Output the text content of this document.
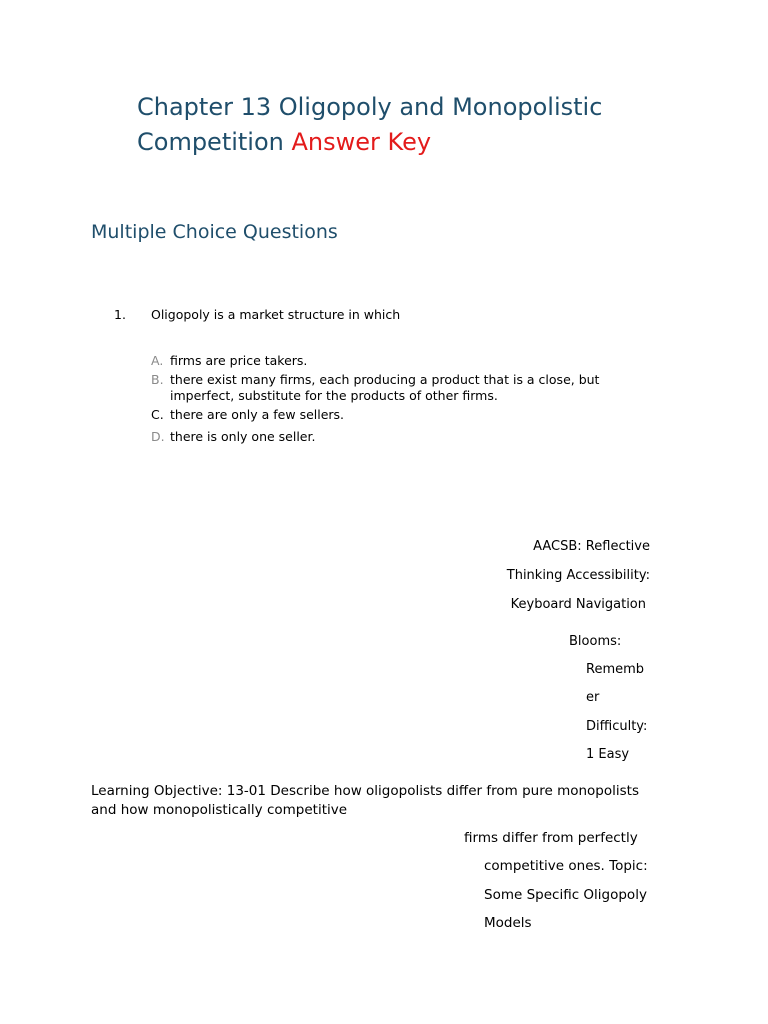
Chapter 13 Oligopoly and Monopolistic Competition Answer Key
Multiple Choice Questions
1. Oligopoly is a market structure in which
A. firms are price takers.
B. there exist many firms, each producing a product that is a close, but imperfect, substitute for the products of other firms.
C. there are only a few sellers.
D. there is only one seller.
AACSB: Reflective
Thinking Accessibility:
Keyboard Navigation
Blooms:
Rememb
er
Difficulty:
1 Easy
Learning Objective: 13-01 Describe how oligopolists differ from pure monopolists
and how monopolistically competitive
firms differ from perfectly
competitive ones. Topic:
Some Specific Oligopoly
Models
